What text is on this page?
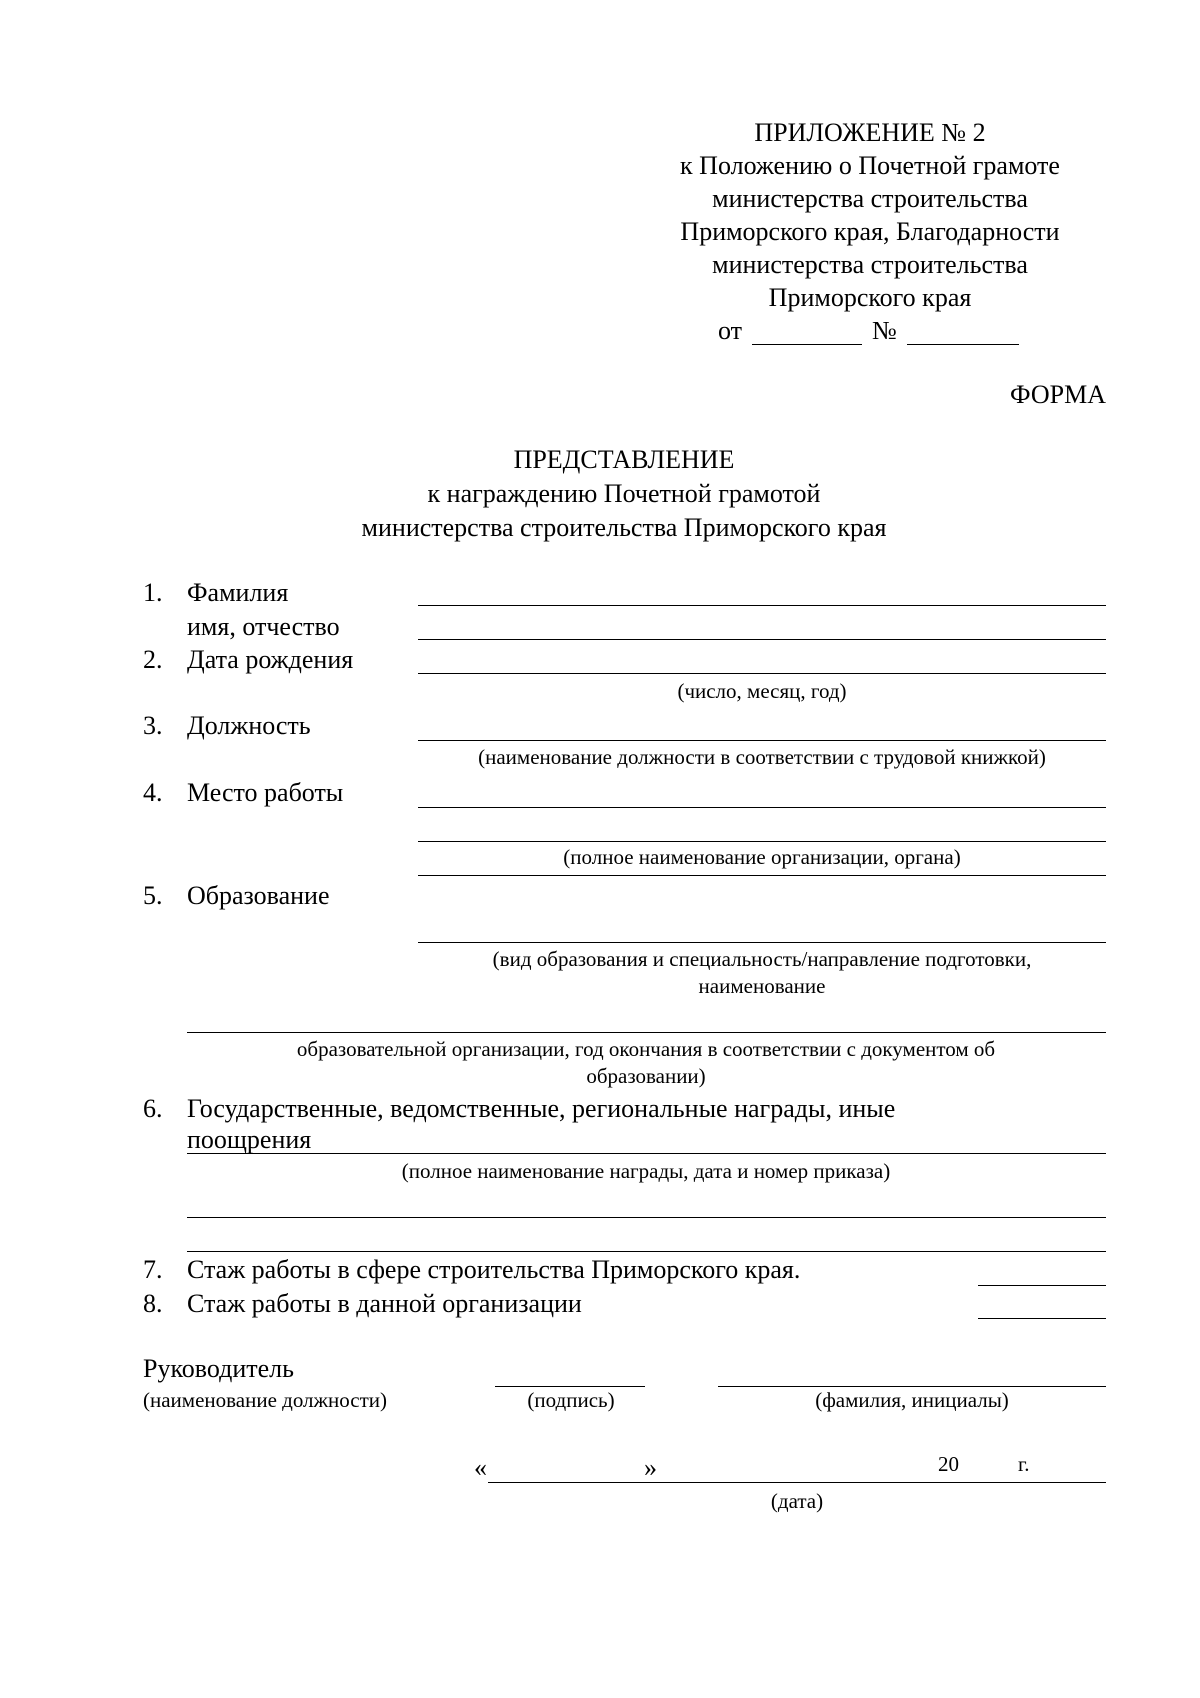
ПРИЛОЖЕНИЕ № 2
к Положению о Почетной грамоте
министерства строительства
Приморского края, Благодарности
министерства строительства
Приморского края
от	№
ФОРМА
ПРЕДСТАВЛЕНИЕ
к награждению Почетной грамотой
министерства строительства Приморского края
1. Фамилия
имя, отчество
2. Дата рождения
(число, месяц, год)
3. Должность
(наименование должности в соответствии с трудовой книжкой)
4. Место работы
(полное наименование организации, органа)
5. Образование
(вид образования и специальность/направление подготовки,
наименование
образовательной организации, год окончания в соответствии с документом об
образовании)
6. Государственные, ведомственные, региональные награды, иные
поощрения
(полное наименование награды, дата и номер приказа)
7. Стаж работы в сфере строительства Приморского края.
8. Стаж работы в данной организации
Руководитель
(наименование должности)	(подпись)	(фамилия, инициалы)
«	»	20	г.
(дата)
